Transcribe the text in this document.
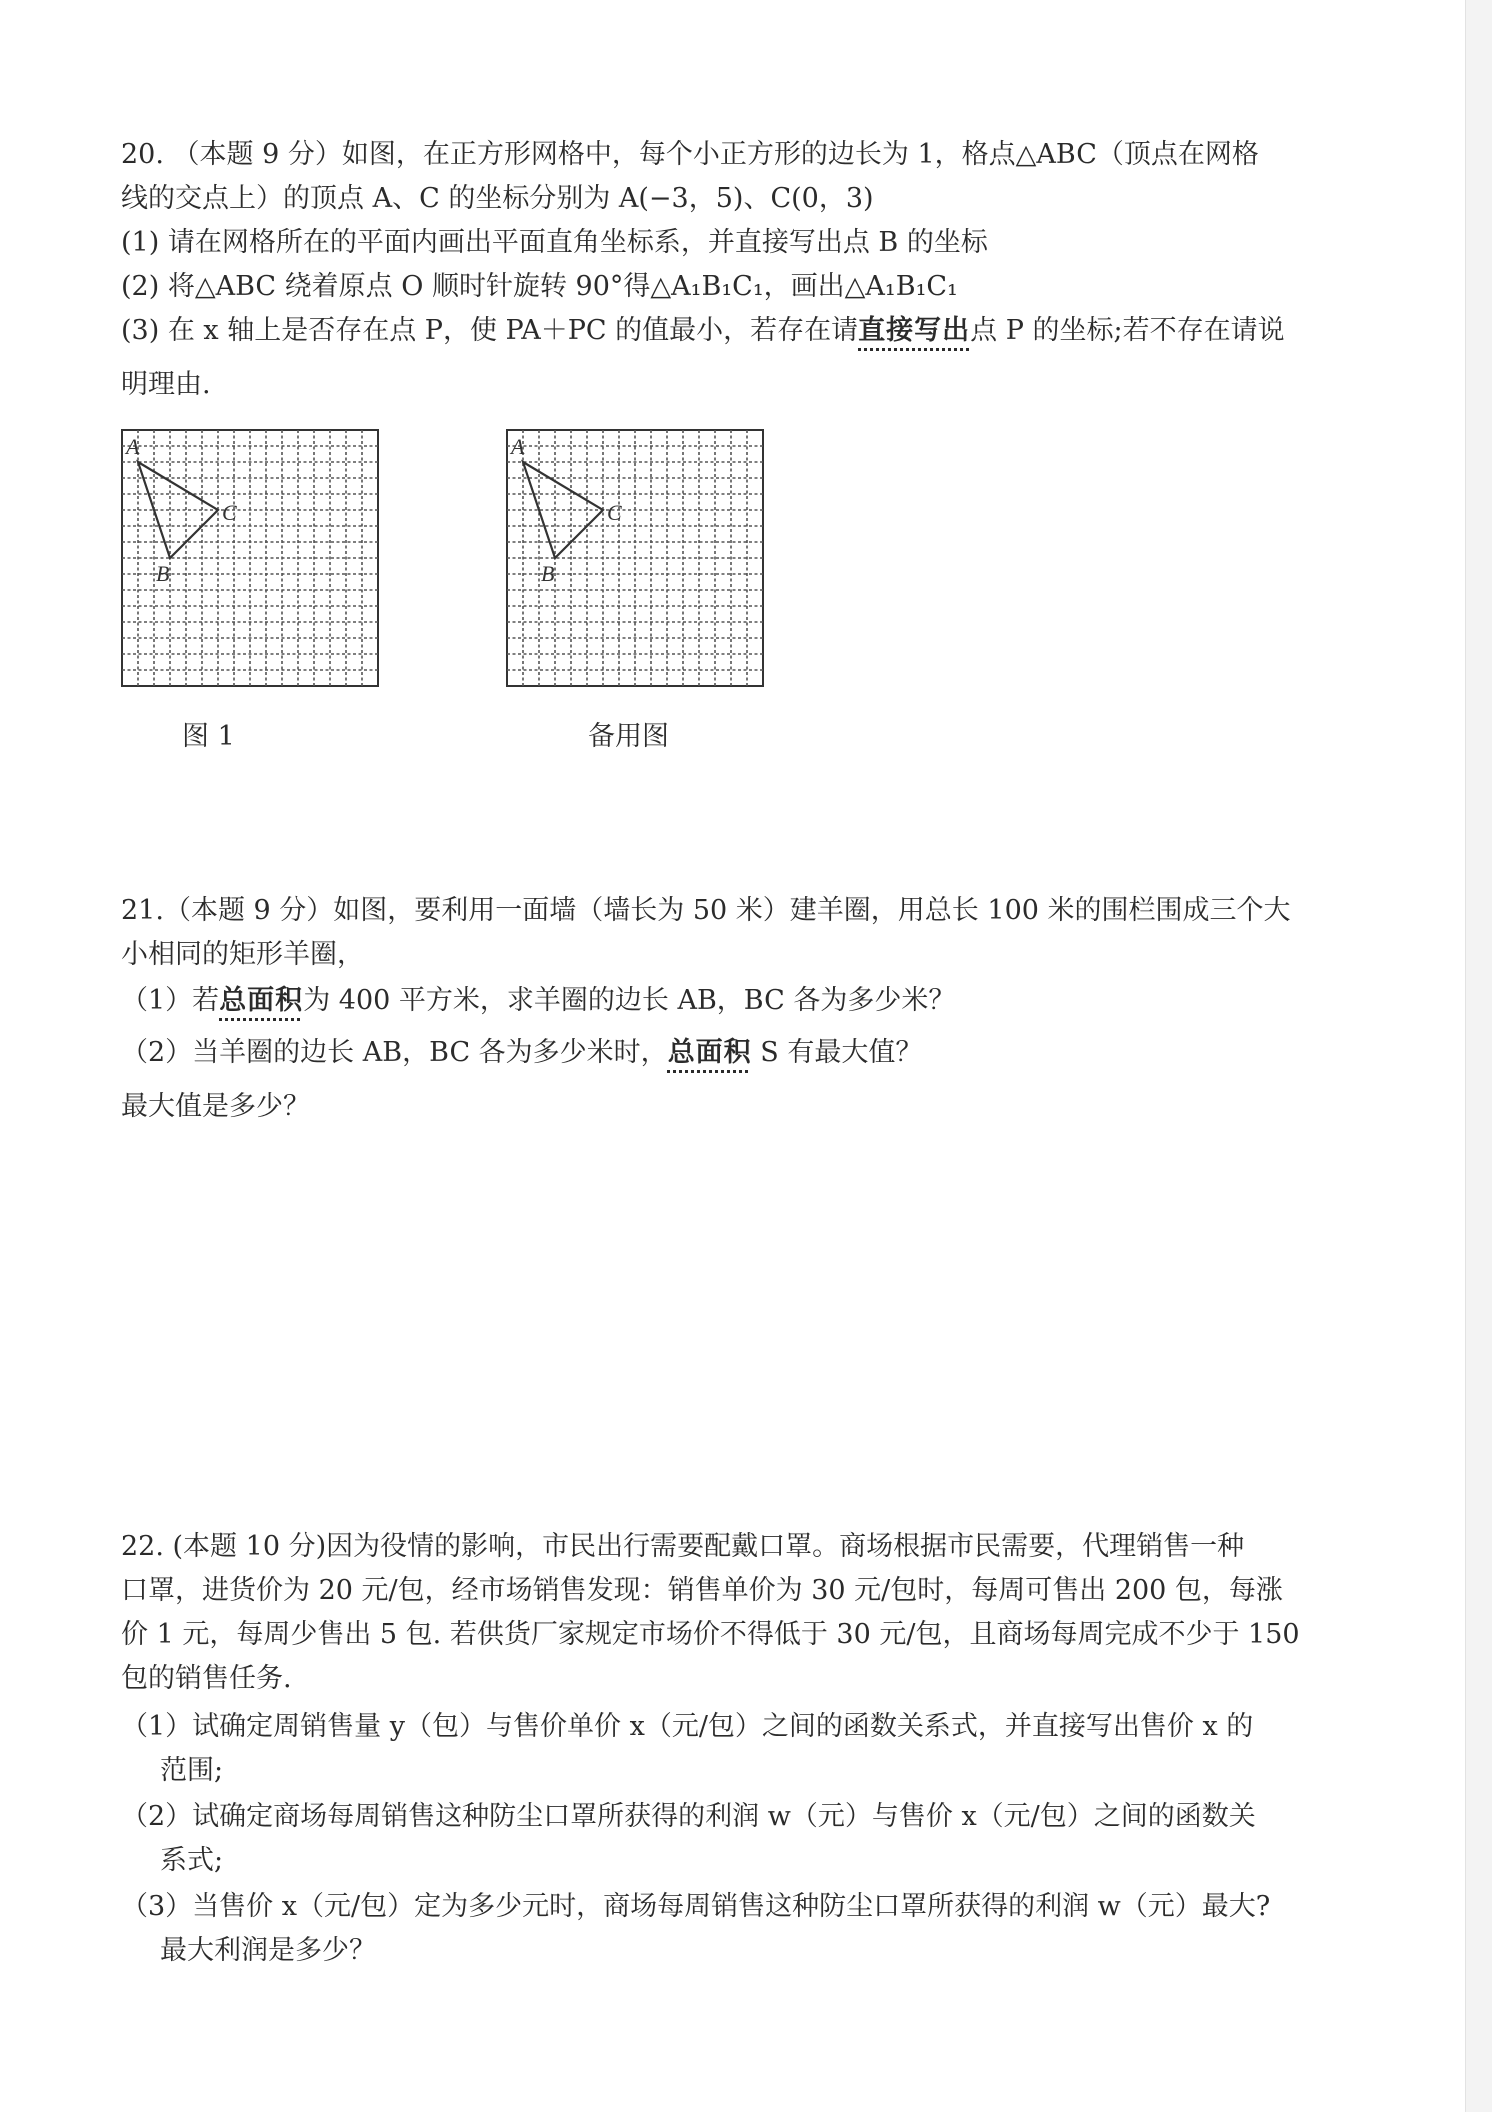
20. （本题 9 分）如图，在正方形网格中，每个小正方形的边长为 1，格点△ABC（顶点在网格
线的交点上）的顶点 A、C 的坐标分别为 A(−3，5)、C(0，3)
(1) 请在网格所在的平面内画出平面直角坐标系，并直接写出点 B 的坐标
(2) 将△ABC 绕着原点 O 顺时针旋转 90°得△A₁B₁C₁，画出△A₁B₁C₁
(3) 在 x 轴上是否存在点 P，使 PA＋PC 的值最小，若存在请直接写出点 P 的坐标;若不存在请说
明理由.
A
C
B
A
C
B
图 1	备用图
21.（本题 9 分）如图，要利用一面墙（墙长为 50 米）建羊圈，用总长 100 米的围栏围成三个大
小相同的矩形羊圈，
（1）若总面积为 400 平方米，求羊圈的边长 AB，BC 各为多少米？
（2）当羊圈的边长 AB，BC 各为多少米时，总面积 S 有最大值？
最大值是多少？
22. (本题 10 分)因为役情的影响，市民出行需要配戴口罩。商场根据市民需要，代理销售一种
口罩，进货价为 20 元/包，经市场销售发现：销售单价为 30 元/包时，每周可售出 200 包，每涨
价 1 元，每周少售出 5 包. 若供货厂家规定市场价不得低于 30 元/包，且商场每周完成不少于 150
包的销售任务.
（1）试确定周销售量 y（包）与售价单价 x（元/包）之间的函数关系式，并直接写出售价 x 的
范围;
（2）试确定商场每周销售这种防尘口罩所获得的利润 w（元）与售价 x（元/包）之间的函数关
系式;
（3）当售价 x（元/包）定为多少元时，商场每周销售这种防尘口罩所获得的利润 w（元）最大?
最大利润是多少？
